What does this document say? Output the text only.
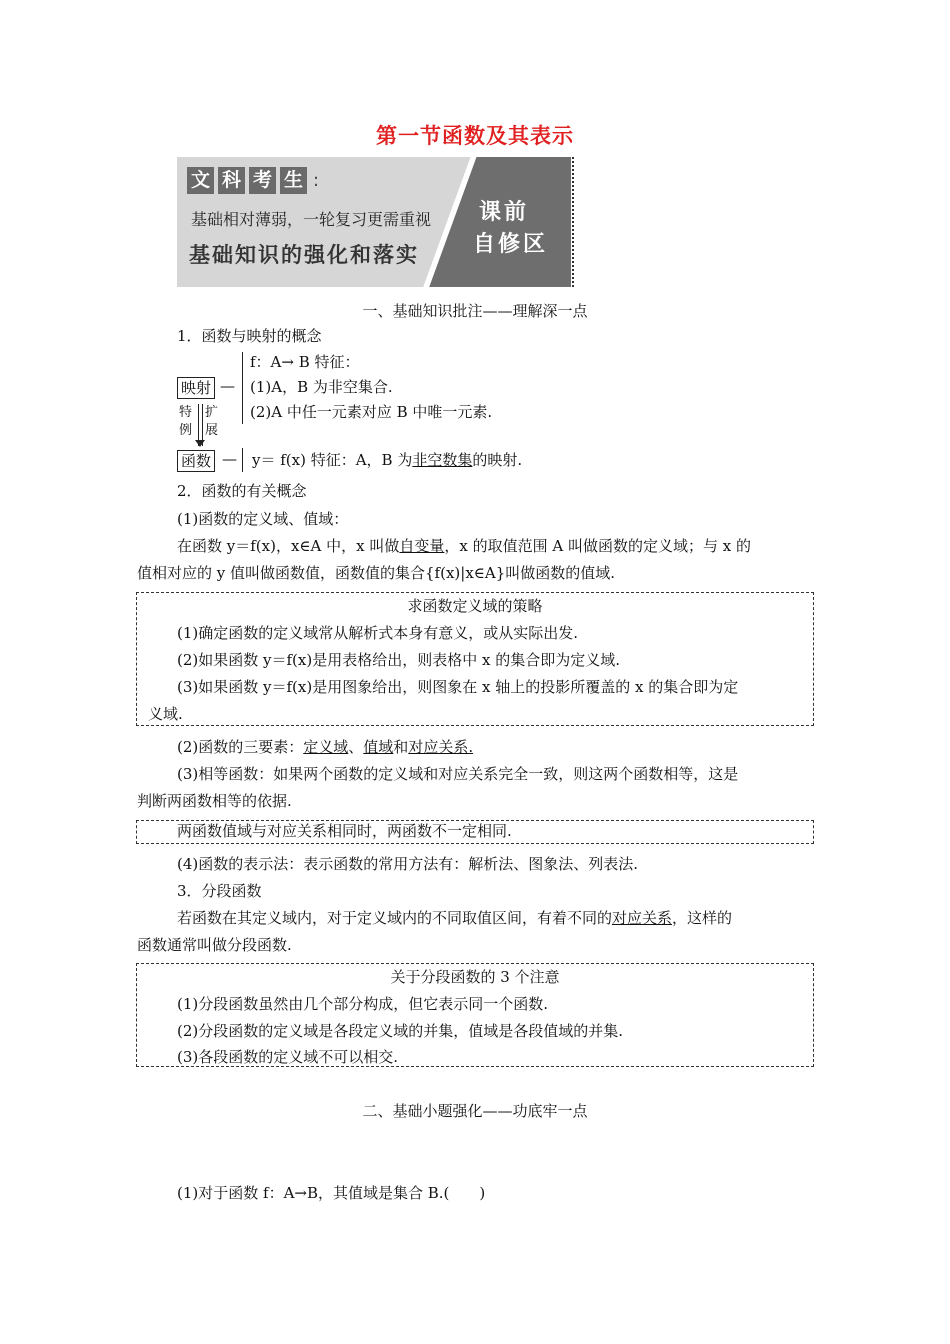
第一节函数及其表示
文 科 考 生 :
基础相对薄弱，一轮复习更需重视
基础知识的强化和落实
课前
自修区
一、基础知识批注——理解深一点
1．函数与映射的概念
映射 —
f：A→ B 特征：
(1)A，B 为非空集合.
(2)A 中任一元素对应 B 中唯一元素.
特例
扩展
函数 — y＝ f(x) 特征：A，B 为非空数集的映射.
2．函数的有关概念
(1)函数的定义域、值域：
在函数 y＝f(x)，x∈A 中，x 叫做自变量，x 的取值范围 A 叫做函数的定义域；与 x 的
值相对应的 y 值叫做函数值，函数值的集合{f(x)|x∈A}叫做函数的值域.
求函数定义域的策略
(1)确定函数的定义域常从解析式本身有意义，或从实际出发.
(2)如果函数 y＝f(x)是用表格给出，则表格中 x 的集合即为定义域.
(3)如果函数 y＝f(x)是用图象给出，则图象在 x 轴上的投影所覆盖的 x 的集合即为定
义域.
(2)函数的三要素：定义域、值域和对应关系.
(3)相等函数：如果两个函数的定义域和对应关系完全一致，则这两个函数相等，这是
判断两函数相等的依据.
两函数值域与对应关系相同时，两函数不一定相同.
(4)函数的表示法：表示函数的常用方法有：解析法、图象法、列表法.
3．分段函数
若函数在其定义域内，对于定义域内的不同取值区间，有着不同的对应关系，这样的
函数通常叫做分段函数.
关于分段函数的 3 个注意
(1)分段函数虽然由几个部分构成，但它表示同一个函数.
(2)分段函数的定义域是各段定义域的并集，值域是各段值域的并集.
(3)各段函数的定义域不可以相交.
二、基础小题强化——功底牢一点
(1)对于函数 f：A→B，其值域是集合 B.(　　)
